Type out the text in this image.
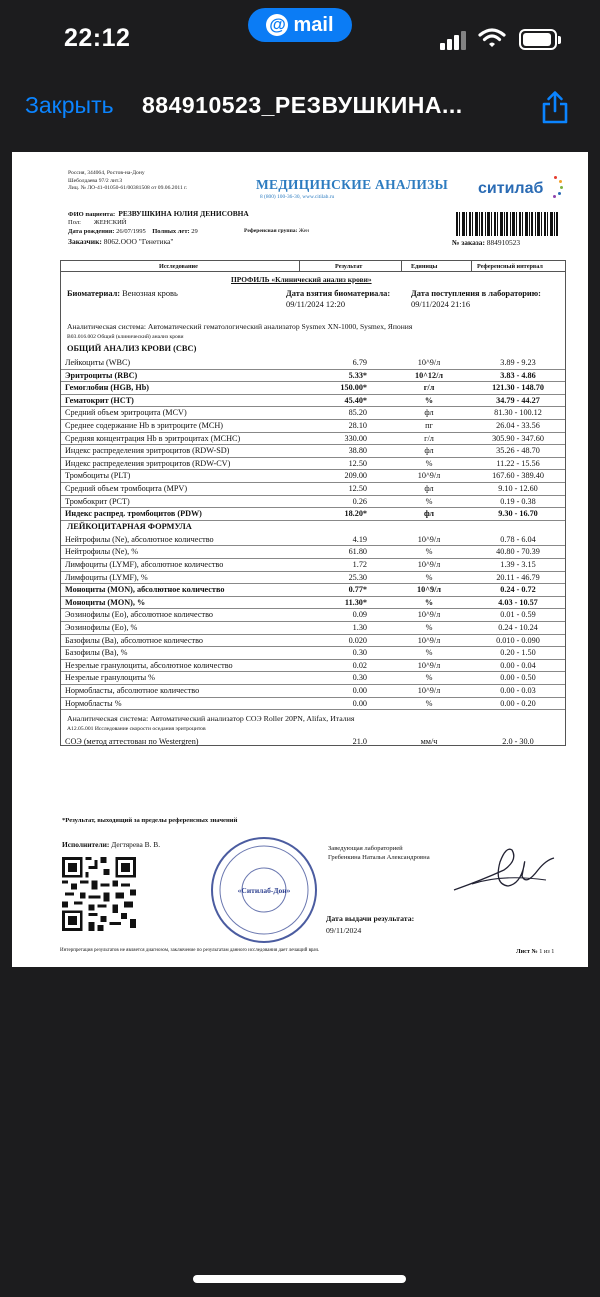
22:12	@ mail
Закрыть 884910523_РЕЗВУШКИНА...
Россия, 344064, Ростов-на-Дону
Шеболдаева 97/2 лит.З
Лиц. № ЛО-41-01050-61/00381508 от 09.06.2011 г.	МЕДИЦИНСКИЕ АНАЛИЗЫ
8 (800) 100-36-30, www.citilab.ru	ситилаб
ФИО пациента: РЕЗВУШКИНА ЮЛИЯ ДЕНИСОВНА
Пол: ЖЕНСКИЙ
Дата рождения: 26/07/1995 Полных лет: 29	Референсная группа: Жен
Заказчик: 8062.ООО "Генетика"	№ заказа: 884910523
Исследование	Результат	Единицы	Референсный интервал
ПРОФИЛЬ «Клинический анализ крови»
Биоматериал: Венозная кровь	Дата взятия биоматериала:
09/11/2024 12:20
Дата поступления в лабораторию:
09/11/2024 21:16
Аналитическая система: Автоматический гематологический анализатор Sysmex XN-1000, Sysmex, Япония
B03.016.002 Общий (клинический) анализ крови
ОБЩИЙ АНАЛИЗ КРОВИ (CBC)
Лейкоциты (WBC)	6.79	10^9/л	3.89 - 9.23
Эритроциты (RBC)	5.33*	10^12/л	3.83 - 4.86
Гемоглобин (HGB, Hb)	150.00*	г/л	121.30 - 148.70
Гематокрит (HCT)	45.40*	%	34.79 - 44.27
Средний объем эритроцита (MCV)	85.20	фл	81.30 - 100.12
Среднее содержание Hb в эритроците (MCH)	28.10	пг	26.04 - 33.56
Средняя концентрация Hb в эритроцитах (MCHC)	330.00	г/л	305.90 - 347.60
Индекс распределения эритроцитов (RDW-SD)	38.80	фл	35.26 - 48.70
Индекс распределения эритроцитов (RDW-CV)	12.50	%	11.22 - 15.56
Тромбоциты (PLT)	209.00	10^9/л	167.60 - 389.40
Средний объем тромбоцита (MPV)	12.50	фл	9.10 - 12.60
Тромбокрит (PCT)	0.26	%	0.19 - 0.38
Индекс распред. тромбоцитов (PDW)	18.20*	фл	9.30 - 16.70
ЛЕЙКОЦИТАРНАЯ ФОРМУЛА
Нейтрофилы (Ne), абсолютное количество	4.19	10^9/л	0.78 - 6.04
Нейтрофилы (Ne), %	61.80	%	40.80 - 70.39
Лимфоциты (LYMF), абсолютное количество	1.72	10^9/л	1.39 - 3.15
Лимфоциты (LYMF), %	25.30	%	20.11 - 46.79
Моноциты (MON), абсолютное количество	0.77*	10^9/л	0.24 - 0.72
Моноциты (MON), %	11.30*	%	4.03 - 10.57
Эозинофилы (Eo), абсолютное количество	0.09	10^9/л	0.01 - 0.59
Эозинофилы (Eo), %	1.30	%	0.24 - 10.24
Базофилы (Ba), абсолютное количество	0.020	10^9/л	0.010 - 0.090
Базофилы (Ba), %	0.30	%	0.20 - 1.50
Незрелые гранулоциты, абсолютное количество	0.02	10^9/л	0.00 - 0.04
Незрелые гранулоциты %	0.30	%	0.00 - 0.50
Нормобласты, абсолютное количество	0.00	10^9/л	0.00 - 0.03
Нормобласты %	0.00	%	0.00 - 0.20
Аналитическая система: Автоматический анализатор СОЭ Roller 20PN, Alifax, Италия
A12.05.001 Исследование скорости оседания эритроцитов
СОЭ (метод аттестован по Westergren)	21.0	мм/ч	2.0 - 30.0
*Результат, выходящий за пределы референсных значений
Исполнители: Дегтярева В. В.
«Ситилаб-Дон»
Заведующая лабораторией
Гребенкина Наталья Александровна
Дата выдачи результата:
09/11/2024
Интерпретация результатов не является диагнозом, заключение по результатам данного исследования дает лечащий врач.	Лист № 1 из 1
